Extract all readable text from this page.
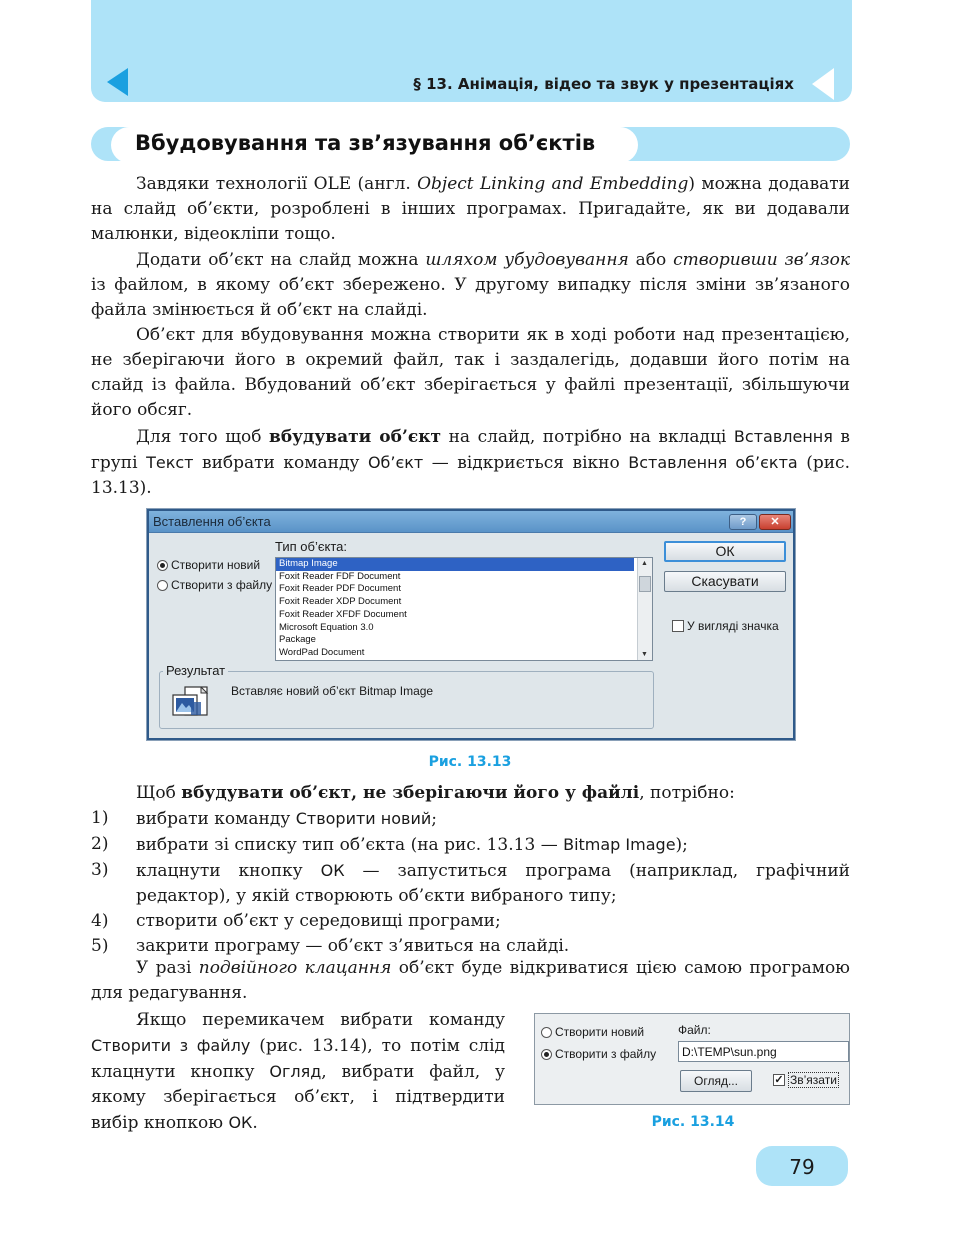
§ 13. Анімація, відео та звук у презентаціях
Вбудовування та зв’язування об’єктів
Завдяки технології OLE (англ. Object Linking and Embedding) можна додавати на слайд об’єкти, розроблені в інших програмах. Пригадайте, як ви додавали малюнки, відеокліпи тощо.
Додати об’єкт на слайд можна шляхом убудовування або створивши зв’язок із файлом, в якому об’єкт збережено. У другому випадку після зміни зв’язаного файла змінюється й об’єкт на слайді.
Об’єкт для вбудовування можна створити як в ході роботи над презентацією, не зберігаючи його в окремий файл, так і заздалегідь, додавши його потім на слайд із файла. Вбудований об’єкт зберігається у файлі презентації, збільшуючи його обсяг.
Для того щоб вбудувати об’єкт на слайд, потрібно на вкладці Вставлення в групі Текст вибрати команду Об’єкт — відкриється вікно Вставлення об’єкта (рис. 13.13).
Вставлення об’єкта	?	✕
Створити новий
Створити з файлу
Тип об’єкта:
Bitmap Image
Foxit Reader FDF Document
Foxit Reader PDF Document
Foxit Reader XDP Document
Foxit Reader XFDF Document
Microsoft Equation 3.0
Package
WordPad Document
▲
▼
ОК
Скасувати
У вигляді значка
Результат
Вставляє новий об’єкт Bitmap Image
Рис. 13.13
Щоб вбудувати об’єкт, не зберігаючи його у файлі, потрібно:
1)	вибрати команду Створити новий;
2)	вибрати зі списку тип об’єкта (на рис. 13.13 — Bitmap Image);
3)	клацнути кнопку ОК — запуститься програма (наприклад, графічний редактор), у якій створюють об’єкти вибраного типу;
4)	створити об’єкт у середовищі програми;
5)	закрити програму — об’єкт з’явиться на слайді.
У разі подвійного клацання об’єкт буде відкриватися цією самою програмою для редагування.
Якщо перемикачем вибрати команду Створити з файлу (рис. 13.14), то потім слід клацнути кнопку Огляд, вибрати файл, у якому зберігається об’єкт, і підтвердити вибір кнопкою ОК.
Створити новий
Створити з файлу
Файл:
D:\TEMP\sun.png
Огляд...	✓ Зв’язати
Рис. 13.14
79
